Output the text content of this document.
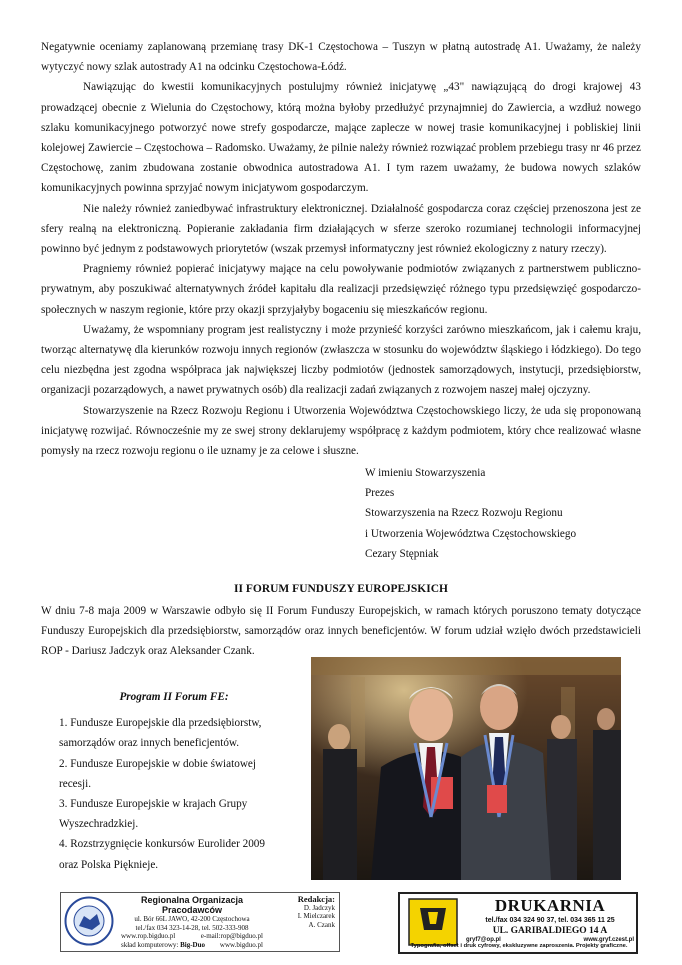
Negatywnie oceniamy zaplanowaną przemianę trasy DK-1 Częstochowa – Tuszyn w płatną autostradę A1. Uważamy, że należy wytyczyć nowy szlak autostrady A1 na odcinku Częstochowa-Łódź.

Nawiązując do kwestii komunikacyjnych postulujmy również inicjatywę „43" nawiązującą do drogi krajowej 43 prowadzącej obecnie z Wielunia do Częstochowy, którą można byłoby przedłużyć przynajmniej do Zawiercia, a wzdłuż nowego szlaku komunikacyjnego potworzyć nowe strefy gospodarcze, mające zaplecze w nowej trasie komunikacyjnej i pobliskiej linii kolejowej Zawiercie – Częstochowa – Radomsko. Uważamy, że pilnie należy również rozwiązać problem przebiegu trasy nr 46 przez Częstochowę, zanim zbudowana zostanie obwodnica autostradowa A1. I tym razem uważamy, że budowa nowych szlaków komunikacyjnych powinna sprzyjać nowym inicjatywom gospodarczym.

Nie należy również zaniedbywać infrastruktury elektronicznej. Działalność gospodarcza coraz częściej przenoszona jest ze sfery realną na elektroniczną. Popieranie zakładania firm działających w sferze szeroko rozumianej technologii informacyjnej powinno być jednym z podstawowych priorytetów (wszak przemysł informatyczny jest również ekologiczny z natury rzeczy).

Pragniemy również popierać inicjatywy mające na celu powoływanie podmiotów związanych z partnerstwem publiczno-prywatnym, aby poszukiwać alternatywnych źródeł kapitału dla realizacji przedsięwzięć różnego typu przedsięwzięć gospodarczo-społecznych w naszym regionie, które przy okazji sprzyjałyby bogaceniu się mieszkańców regionu.

Uważamy, że wspomniany program jest realistyczny i może przynieść korzyści zarówno mieszkańcom, jak i całemu kraju, tworząc alternatywę dla kierunków rozwoju innych regionów (zwłaszcza w stosunku do województw śląskiego i łódzkiego). Do tego celu niezbędna jest zgodna współpraca jak największej liczby podmiotów (jednostek samorządowych, instytucji, przedsiębiorstw, organizacji pozarządowych, a nawet prywatnych osób) dla realizacji zadań związanych z rozwojem naszej małej ojczyzny.

Stowarzyszenie na Rzecz Rozwoju Regionu i Utworzenia Województwa Częstochowskiego liczy, że uda się proponowaną inicjatywę rozwijać. Równocześnie my ze swej strony deklarujemy współpracę z każdym podmiotem, który chce realizować własne pomysły na rzecz rozwoju regionu o ile uznamy je za celowe i słuszne.

W imieniu Stowarzyszenia
Prezes
Stowarzyszenia na Rzecz Rozwoju Regionu
i Utworzenia Województwa Częstochowskiego
Cezary Stępniak
II FORUM FUNDUSZY EUROPEJSKICH
W dniu 7-8 maja 2009 w Warszawie odbyło się II Forum Funduszy Europejskich, w ramach których poruszono tematy dotyczące Funduszy Europejskich dla przedsiębiorstw, samorządów oraz innych beneficjentów. W forum udział wzięło dwóch przedstawicieli ROP - Dariusz Jadczyk oraz Aleksander Czank.
Program II Forum FE:
1. Fundusze Europejskie dla przedsiębiorstw,
samorządów oraz innych beneficjentów.
2. Fundusze Europejskie w dobie światowej
recesji.
3. Fundusze Europejskie w krajach Grupy
Wyszechradzkiej.
4. Rozstrzygnięcie konkursów Eurolider 2009
oraz Polska Pięknieje.
Regionalna Organizacja Pracodawców
ul. Bór 66L JAWO, 42-200 Częstochowa
tel./fax 034 323-14-28, tel. 502-333-908
www.rop.bigduo.pl	e-mail:rop@bigduo.pl
skład komputerowy: Big-Duo www.bigduo.pl
Redakcja:
D. Jadczyk
I. Mielczarek
A. Czank
DRUKARNIA
tel./fax 034 324 90 37, tel. 034 365 11 25
UL. GARIBALDIEGO 14 A
gryf7@op.pl	www.gryf.czest.pl
Typografia, offset i druk cyfrowy, ekskluzywne zaproszenia. Projekty graficzne.
